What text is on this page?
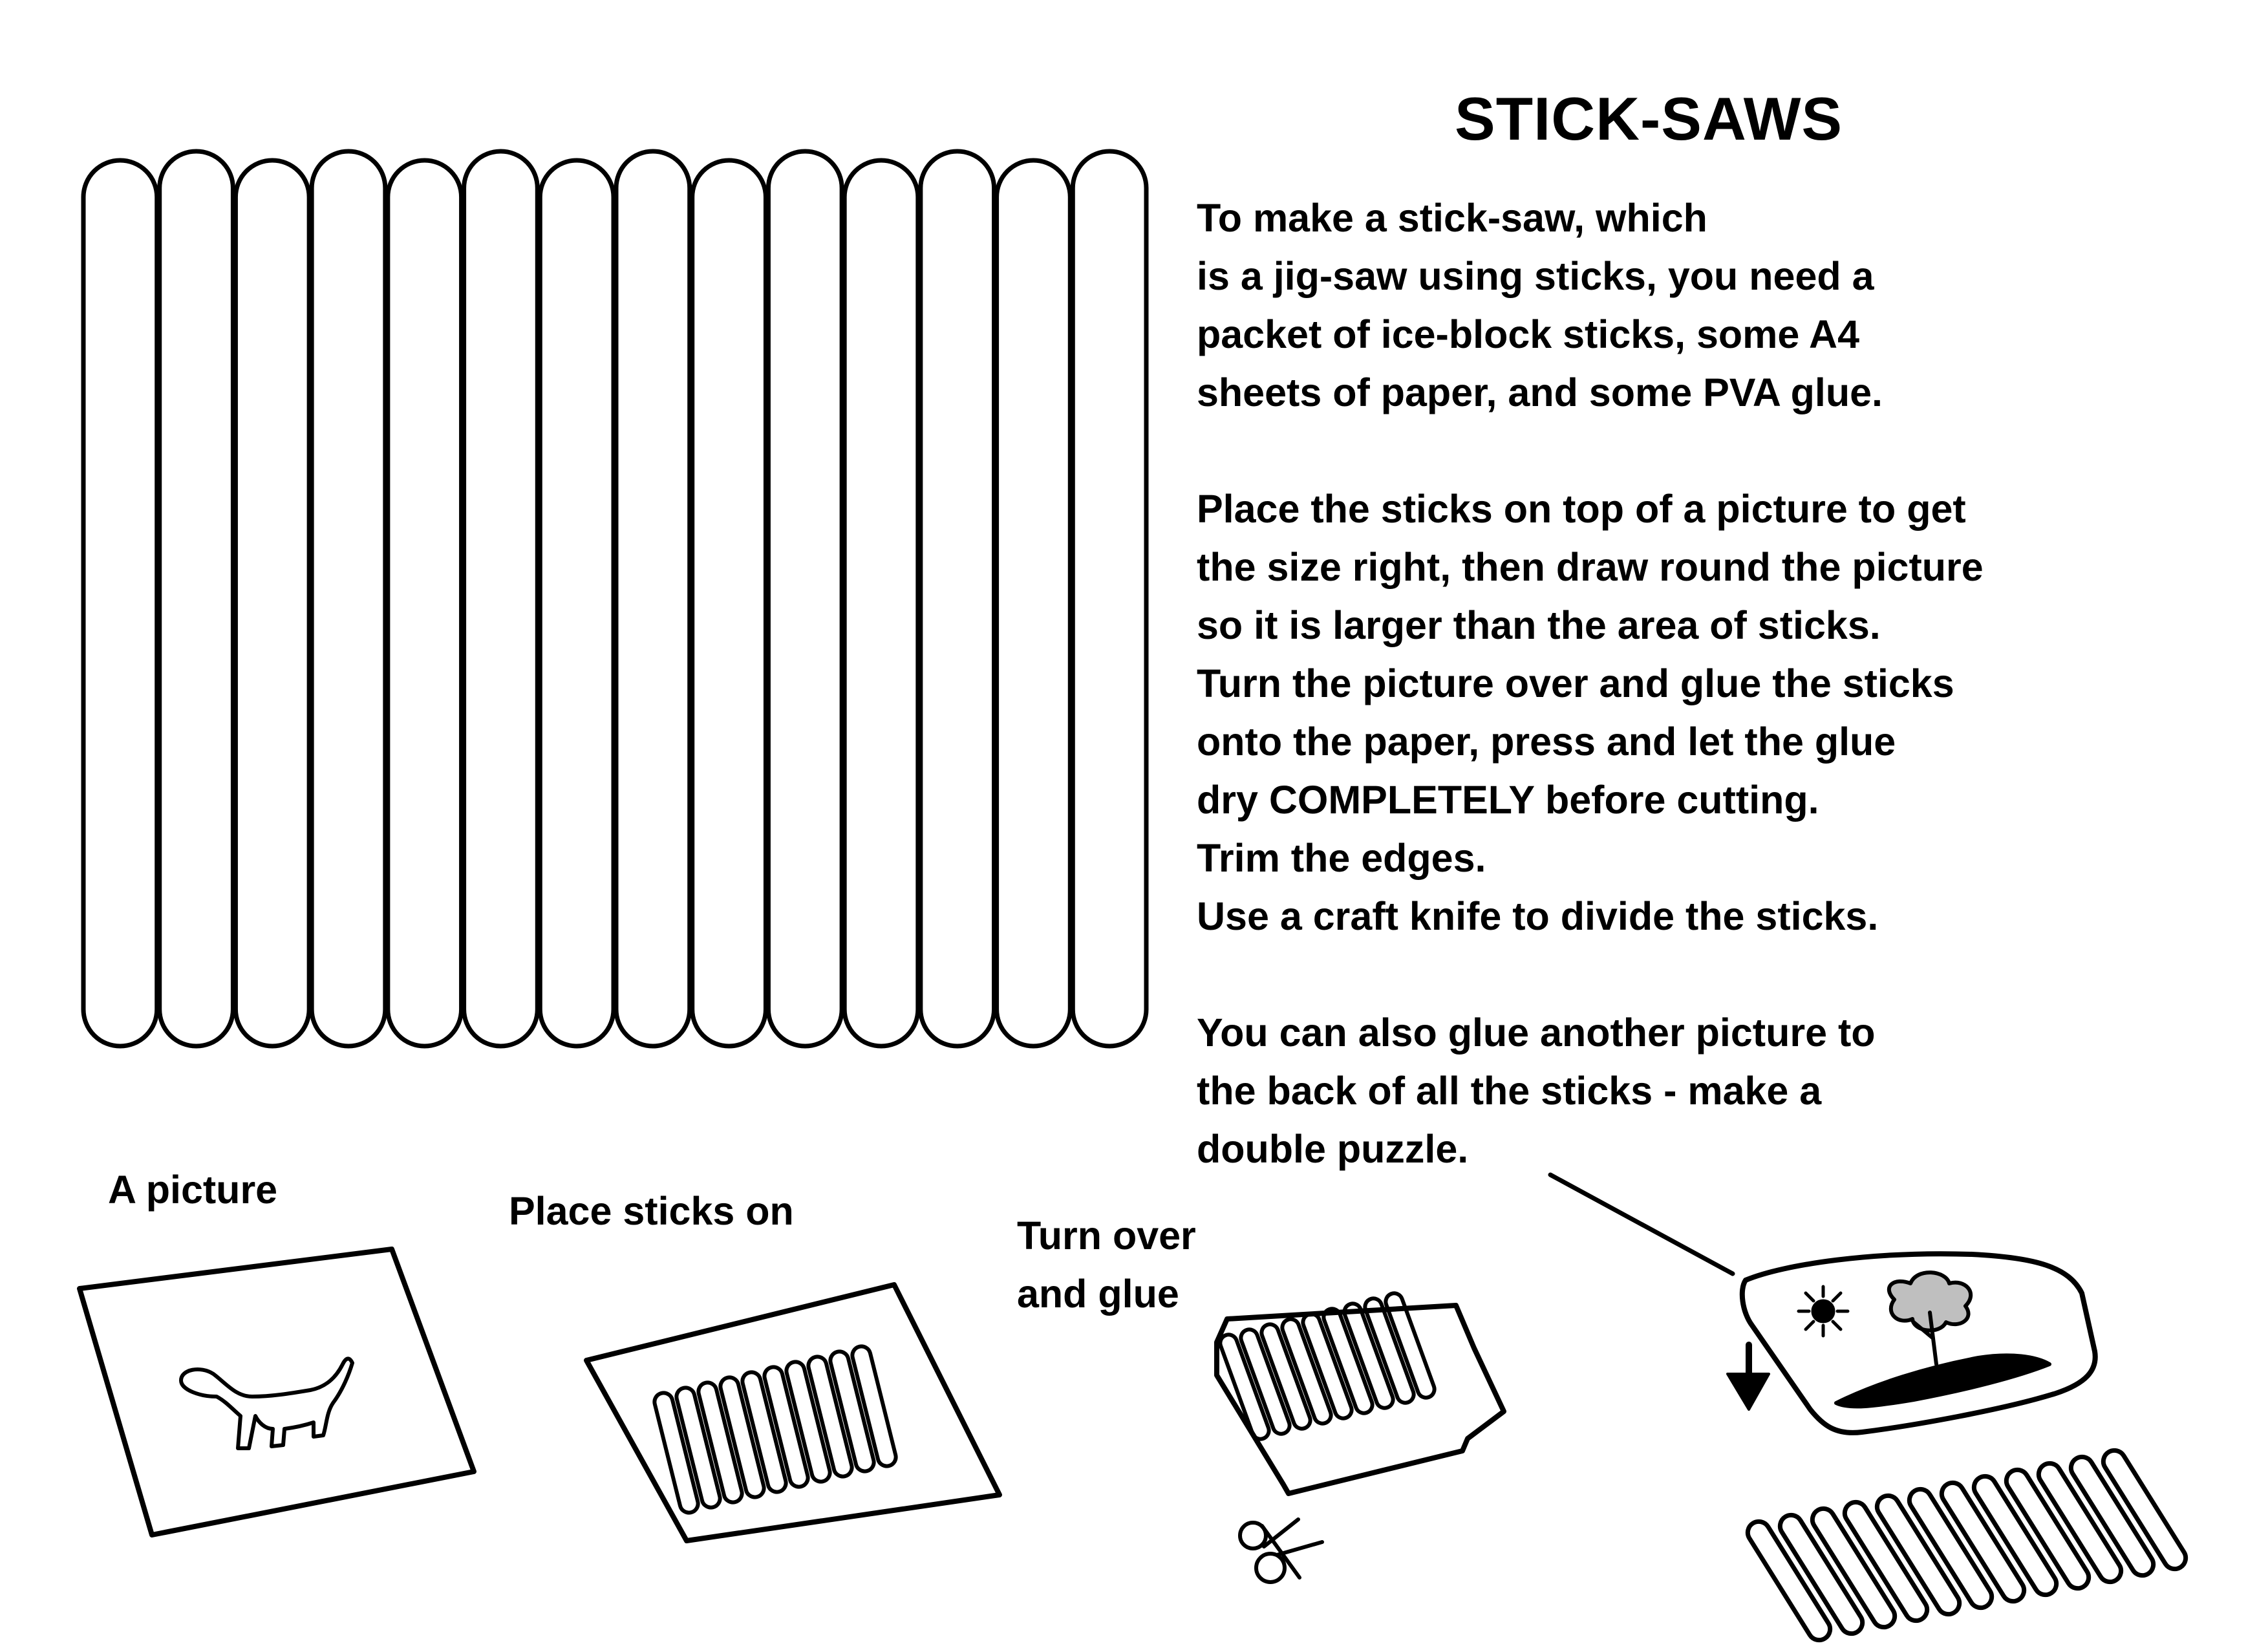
STICK-SAWS
To make a stick-saw, which
is a jig-saw using sticks, you need a
packet of ice-block sticks, some A4
sheets of paper, and some PVA glue.
Place the sticks on top of a picture to get
the size right, then draw round the picture
so it is larger than the area of sticks.
Turn the picture over and glue the sticks
onto the paper, press and let the glue
dry COMPLETELY before cutting.
Trim the edges.
Use a craft knife to divide the sticks.
You can also glue another picture to
the back of all the sticks - make a
double puzzle.
A picture	Place sticks on
Turn over
and glue
